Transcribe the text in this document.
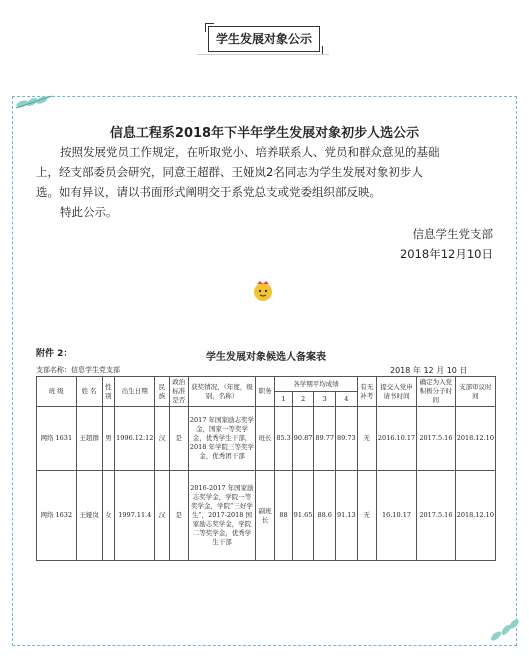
学生发展对象公示
信息工程系2018年下半年学生发展对象初步人选公示
按照发展党员工作规定，在听取党小、培养联系人、党员和群众意见的基础
上，经支部委员会研究，同意王超群、王娅岚2名同志为学生发展对象初步人
选。如有异议，请以书面形式阐明交于系党总支或党委组织部反映。
特此公示。
信息学生党支部
2018年12月10日
附件 2：	学生发展对象候选人备案表
支部名称：信息学生党支部	2018 年 12 月 10 日
班 级	姓 名	性别	出生日期	民族	政治标准是否	获奖情况，（年度，级别，名称）	职务	各学期平均成绩				有无补考	提交入党申请书时间	确定为入党积极分子时间	支部审议时间
								1	2	3	4				
网络 1631	王超群	男	1996.12.12	汉	是	2017 年国家励志奖学金，国家一等奖学金，优秀学生干部，2018 年学院三等奖学金，优秀团干部	班长	85.3	90.87	89.77	89.73	无	2016.10.17	2017.5.16	2018.12.10
网络 1632	王娅岚	女	1997.11.4	汉	是	2016-2017 年国家励志奖学金，学院一等奖学金，学院“三好学生”，2017-2018 国家励志奖学金，学院二等奖学金，优秀学生干部	副班长	88	91.65	88.6	91.13	无	16.10.17	2017.5.16	2018.12.10
